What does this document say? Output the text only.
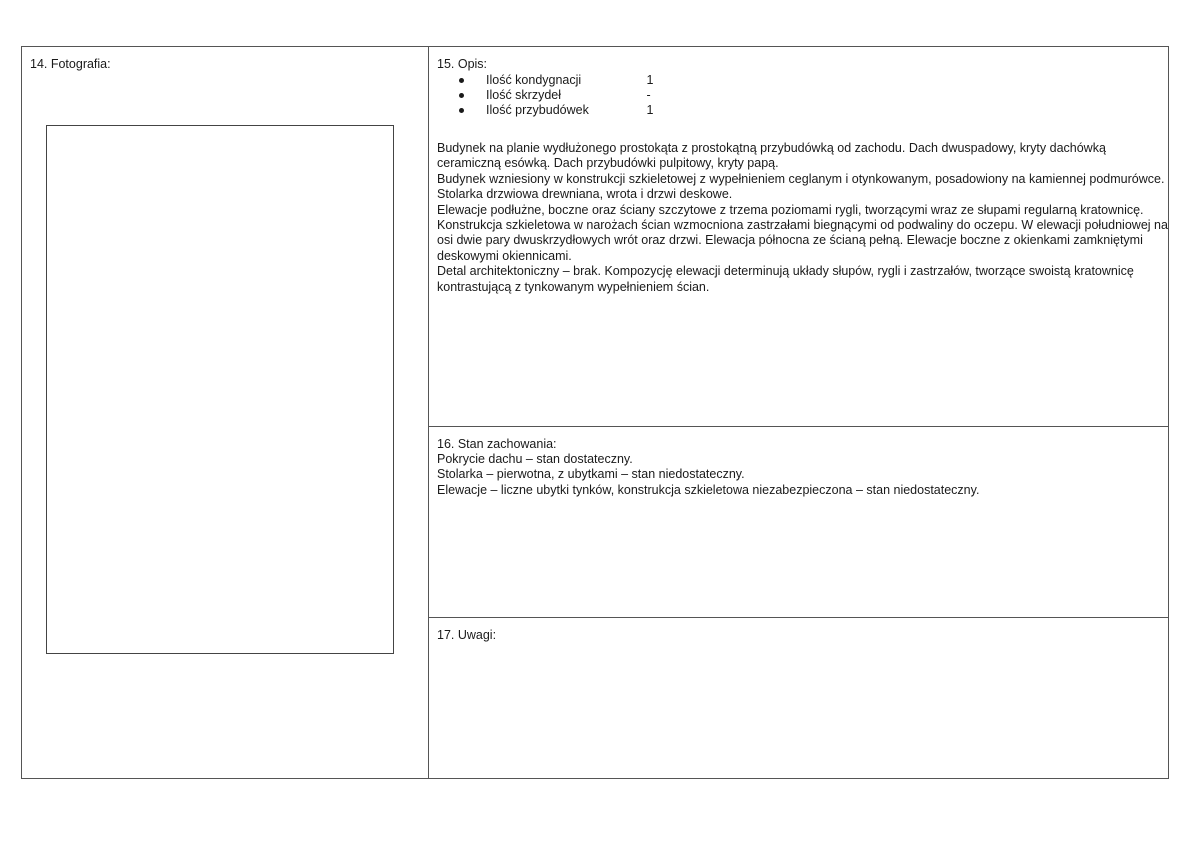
14. Fotografia:	15. Opis:
Ilość kondygnacji	1
Ilość skrzydeł	-
Ilość przybudówek	1

Budynek na planie wydłużonego prostokąta z prostokątną przybudówką od zachodu. Dach dwuspadowy, kryty dachówką ceramiczną esówką. Dach przybudówki pulpitowy, kryty papą.

Budynek wzniesiony w konstrukcji szkieletowej z wypełnieniem ceglanym i otynkowanym, posadowiony na kamiennej podmurówce. Stolarka drzwiowa drewniana, wrota i drzwi deskowe.

Elewacje podłużne, boczne oraz ściany szczytowe z trzema poziomami rygli, tworzącymi wraz ze słupami regularną kratownicę. Konstrukcja szkieletowa w narożach ścian wzmocniona zastrzałami biegnącymi od podwaliny do oczepu. W elewacji południowej na osi dwie pary dwuskrzydłowych wrót oraz drzwi. Elewacja północna ze ścianą pełną. Elewacje boczne z okienkami zamkniętymi deskowymi okiennicami.

Detal architektoniczny – brak. Kompozycję elewacji determinują układy słupów, rygli i zastrzałów, tworzące swoistą kratownicę kontrastującą z tynkowanym wypełnieniem ścian.

16. Stan zachowania:

Pokrycie dachu – stan dostateczny.

Stolarka – pierwotna, z ubytkami – stan niedostateczny.

Elewacje – liczne ubytki tynków, konstrukcja szkieletowa niezabezpieczona – stan niedostateczny.

17. Uwagi:
